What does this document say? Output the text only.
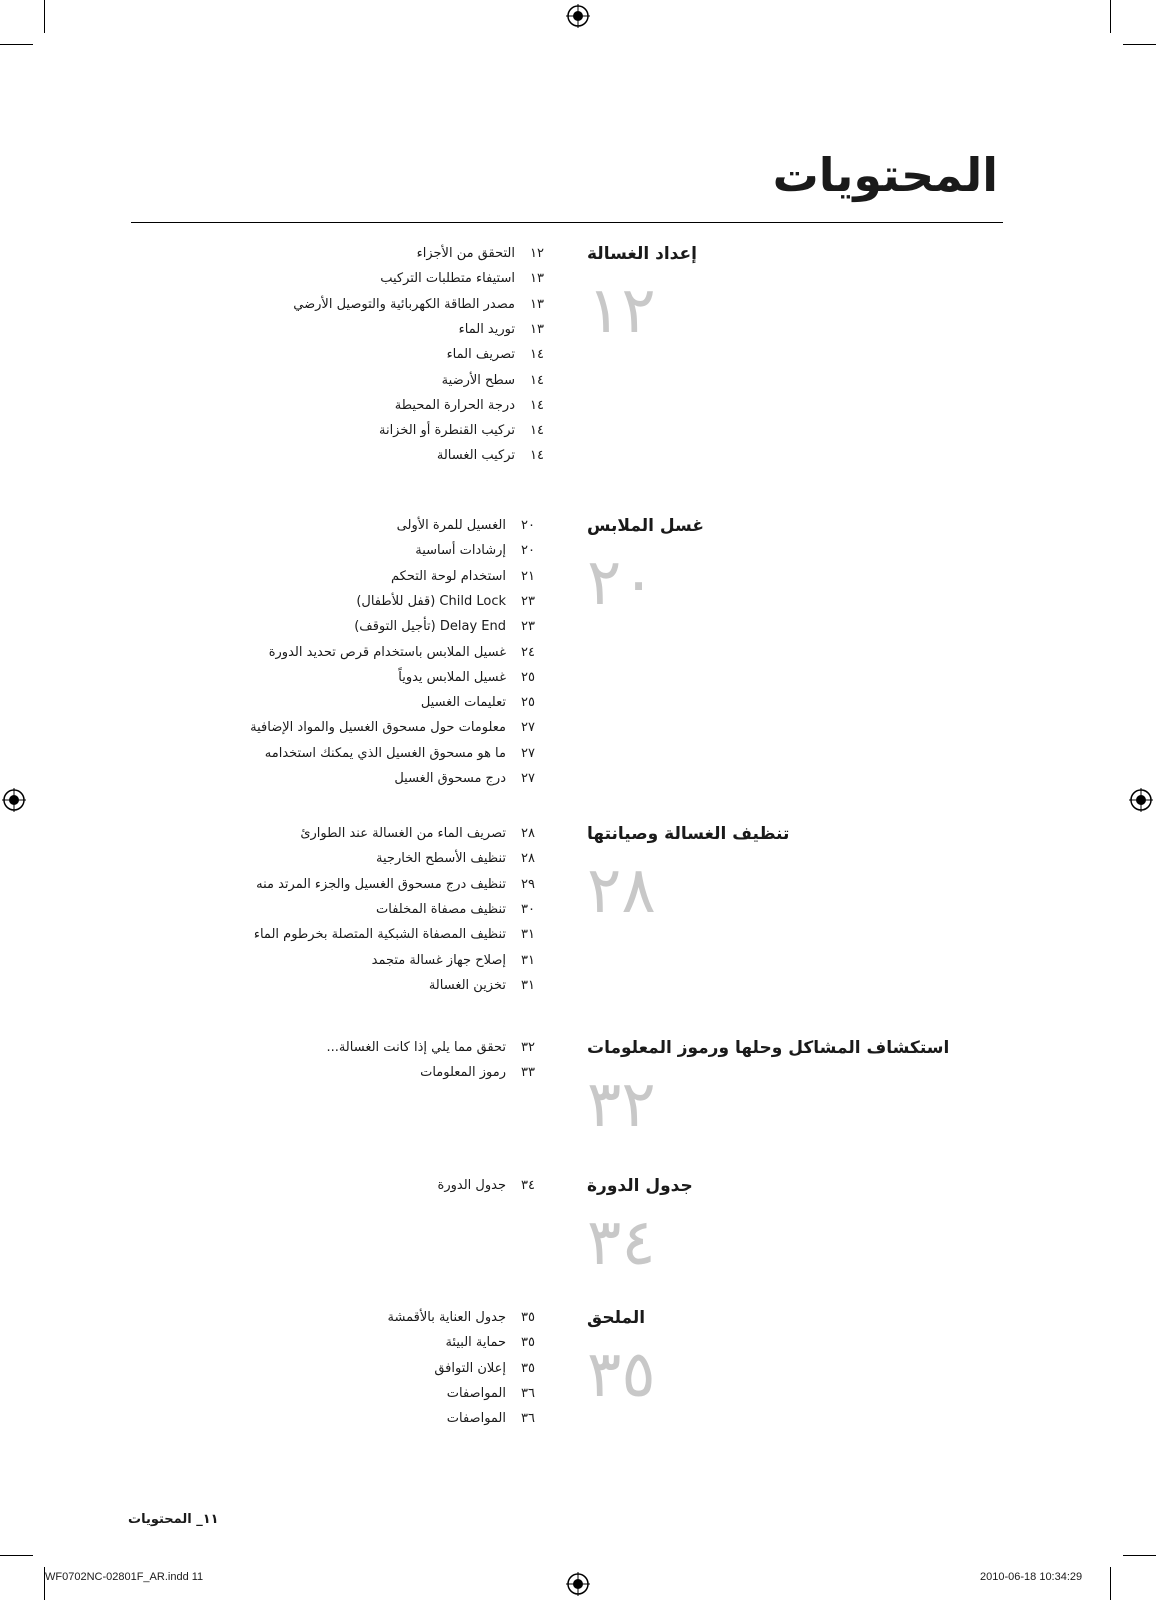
المحتويات
إعداد الغسالة
١٢
١٢
التحقق من الأجزاء
١٣
استيفاء متطلبات التركيب
١٣
مصدر الطاقة الكهربائية والتوصيل الأرضي
١٣
توريد الماء
١٤
تصريف الماء
١٤
سطح الأرضية
١٤
درجة الحرارة المحيطة
١٤
تركيب القنطرة أو الخزانة
١٤
تركيب الغسالة
غسل الملابس
٢٠
٢٠
الغسيل للمرة الأولى
٢٠
إرشادات أساسية
٢١
استخدام لوحة التحكم
٢٣
Child Lock (قفل للأطفال)
٢٣
Delay End (تأجيل التوقف)
٢٤
غسيل الملابس باستخدام قرص تحديد الدورة
٢٥
غسيل الملابس يدوياً
٢٥
تعليمات الغسيل
٢٧
معلومات حول مسحوق الغسيل والمواد الإضافية
٢٧
ما هو مسحوق الغسيل الذي يمكنك استخدامه
٢٧
درج مسحوق الغسيل
تنظيف الغسالة وصيانتها
٢٨
٢٨
تصريف الماء من الغسالة عند الطوارئ
٢٨
تنظيف الأسطح الخارجية
٢٩
تنظيف درج مسحوق الغسيل والجزء المرتد منه
٣٠
تنظيف مصفاة المخلفات
٣١
تنظيف المصفاة الشبكية المتصلة بخرطوم الماء
٣١
إصلاح جهاز غسالة متجمد
٣١
تخزين الغسالة
استكشاف المشاكل وحلها ورموز المعلومات
٣٢
٣٢
تحقق مما يلي إذا كانت الغسالة...
٣٣
رموز المعلومات
جدول الدورة
٣٤
٣٤
جدول الدورة
الملحق
٣٥
٣٥
جدول العناية بالأقمشة
٣٥
حماية البيئة
٣٥
إعلان التوافق
٣٦
المواصفات
٣٦
المواصفات
١١_ المحتويات
WF0702NC-02801F_AR.indd 11	2010-06-18 10:34:29
